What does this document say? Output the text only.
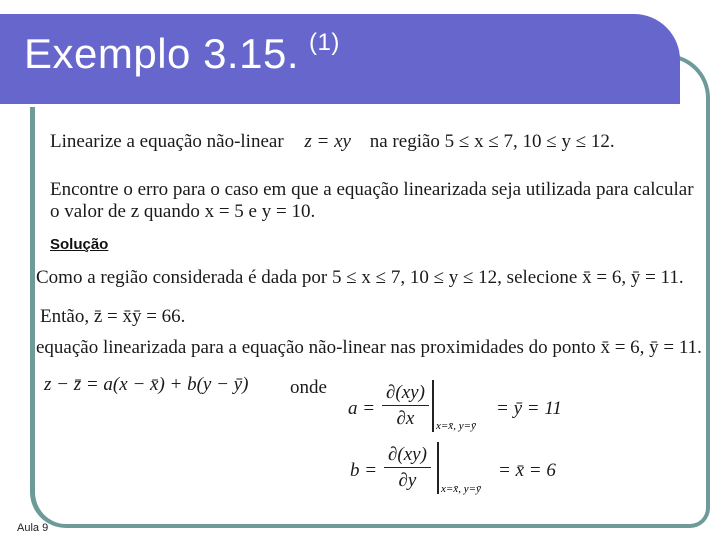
Exemplo 3.15. $^{(1)}$
Linearize a equação não-linear z = xy na região 5 ≤ x ≤ 7, 10 ≤ y ≤ 12.
Encontre o erro para o caso em que a equação linearizada seja utilizada para calcular
o valor de z quando x = 5 e y = 10.
Solução
Como a região considerada é dada por 5 ≤ x ≤ 7, 10 ≤ y ≤ 12, selecione x̄ = 6, ȳ = 11.
Então, z̄ = x̄ȳ = 66.
equação linearizada para a equação não-linear nas proximidades do ponto x̄ = 6, ȳ = 11.
z − z̄ = a(x − x̄) + b(y − ȳ) onde
$a = \frac{\partial(xy)}{\partial x}$ x=x̄, y=ȳ
= ȳ = 11
$b = \frac{\partial(xy)}{\partial y}$ x=x̄, y=ȳ
= x̄ = 6
Aula 9
